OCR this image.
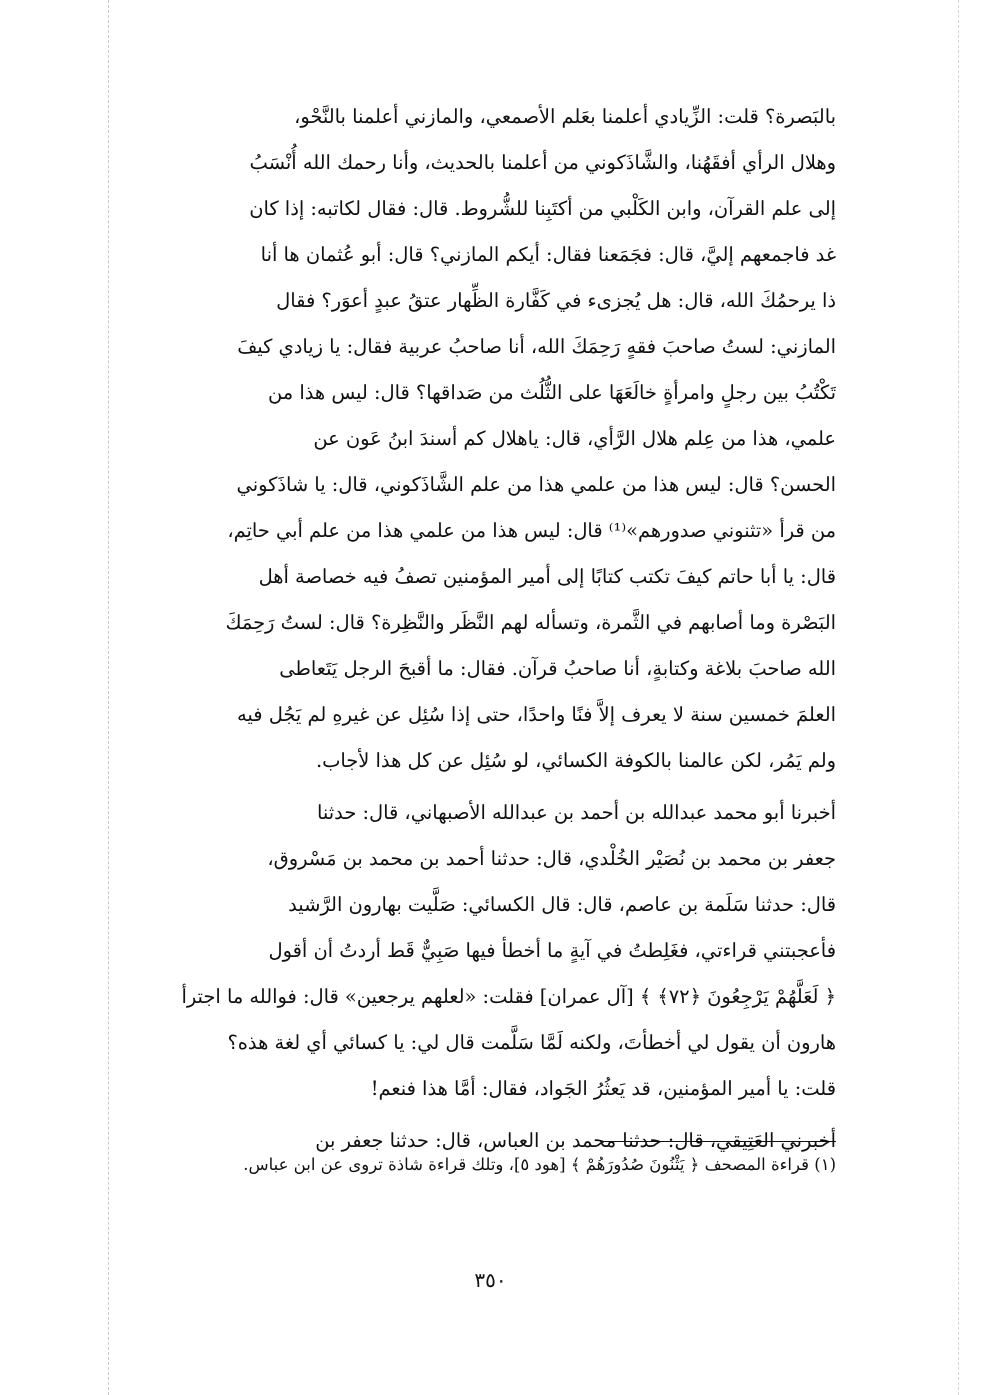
بالبَصرة؟ قلت: الزِّيادي أعلمنا بعَلم الأصمعي، والمازني أعلمنا بالنَّحْو،
وهلال الرأي أفقَهُنا، والشَّاذَكوني من أعلمنا بالحديث، وأنا رحمك الله أُنْسَبُ
إلى علم القرآن، وابن الكَلْبي من أكتَبِنا للشُّروط. قال: فقال لكاتبه: إذا كان
غد فاجمعهم إليَّ، قال: فجَمَعنا فقال: أيكم المازني؟ قال: أبو عُثمان ها أنا
ذا يرحمُكَ الله، قال: هل يُجزىء في كَفَّارة الظِّهار عتقُ عبدٍ أعوَر؟ فقال
المازني: لستُ صاحبَ فقهٍ رَحِمَكَ الله، أنا صاحبُ عربية فقال: يا زيادي كيفَ
تَكْتُبُ بين رجلٍ وامرأةٍ خالَعَهَا على الثُّلُث من صَداقها؟ قال: ليس هذا من
علمي، هذا من عِلم هلال الرَّأي، قال: ياهلال كم أسندَ ابنُ عَون عن
الحسن؟ قال: ليس هذا من علمي هذا من علم الشَّاذَكوني، قال: يا شاذَكوني
من قرأ «تثنوني صدورهم»⁽¹⁾ قال: ليس هذا من علمي هذا من علم أبي حاتِم،
قال: يا أبا حاتم كيفَ تكتب كتابًا إلى أمير المؤمنين تصفُ فيه خصاصة أهل
البَصْرة وما أصابهم في الثَّمرة، وتسأله لهم النَّظَر والنَّظِرة؟ قال: لستُ رَحِمَكَ
الله صاحبَ بلاغة وكتابةٍ، أنا صاحبُ قرآن. فقال: ما أقبحَ الرجل يَتَعاطى
العلمَ خمسين سنة لا يعرف إلاَّ فنًا واحدًا، حتى إذا سُئِل عن غيرهِ لم يَجُل فيه
ولم يَمُر، لكن عالمنا بالكوفة الكسائي، لو سُئِل عن كل هذا لأجاب.
أخبرنا أبو محمد عبدالله بن أحمد بن عبدالله الأصبهاني، قال: حدثنا
جعفر بن محمد بن نُصَيْر الخُلْدي، قال: حدثنا أحمد بن محمد بن مَسْروق،
قال: حدثنا سَلَمة بن عاصم، قال: قال الكسائي: صَلَّيت بهارون الرَّشيد
فأعجبتني قراءتي، فغَلِطتُ في آيةٍ ما أخطأ فيها صَبِيٌّ قَط أردتُ أن أقول
﴿ لَعَلَّهُمْ يَرْجِعُونَ ﴿٧٢﴾ ﴾ [آل عمران] فقلت: «لعلهم يرجعين» قال: فوالله ما اجترأ
هارون أن يقول لي أخطأتَ، ولكنه لَمَّا سَلَّمت قال لي: يا كسائي أي لغة هذه؟
قلت: يا أمير المؤمنين، قد يَعثُرُ الجَواد، فقال: أمَّا هذا فنعم!
أخبرني العَتِيقي، قال: حدثنا محمد بن العباس، قال: حدثنا جعفر بن
(١) قراءة المصحف ﴿ يَثْنُونَ صُدُورَهُمْ ﴾ [هود ٥]، وتلك قراءة شاذة تروى عن ابن عباس.
٣٥٠
